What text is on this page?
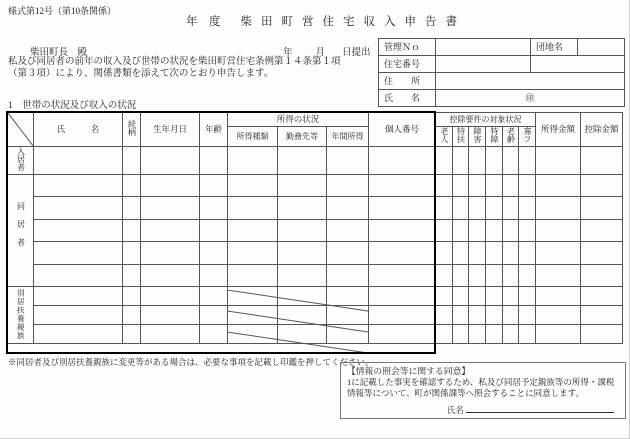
様式第12号（第10条関係）
年　度 柴田町営住宅収入申告書
柴田町長　殿	年 月 日提出
管理Ｎｏ		団地名	
住宅番号			
住　　所			
氏　　名	㊞		
私及び同居者の前年の収入及び世帯の状況を柴田町営住宅条例第１４条第１項
（第３項）により、関係書類を添えて次のとおり申告します。
1　世帯の状況及び収入の状況
	氏　　　名	続柄	生年月日	年齢	所得の状況			個人番号	控除要件の対象状況						所得金額	控除金額
					所得種類	勤務先等	年間所得		老人	特扶	障害	特障	老齢	寡フ		
入居者																
同居者																

別居扶養親族																

※同居者及び別居扶養親族に変更等がある場合は、必要な事項を記載し印鑑を押してください。
【情報の照会等に関する同意】
1に記載した事実を確認するため、私及び同居予定親族等の所得・課税情報等について、町が関係課等へ照会することに同意します。
氏名
